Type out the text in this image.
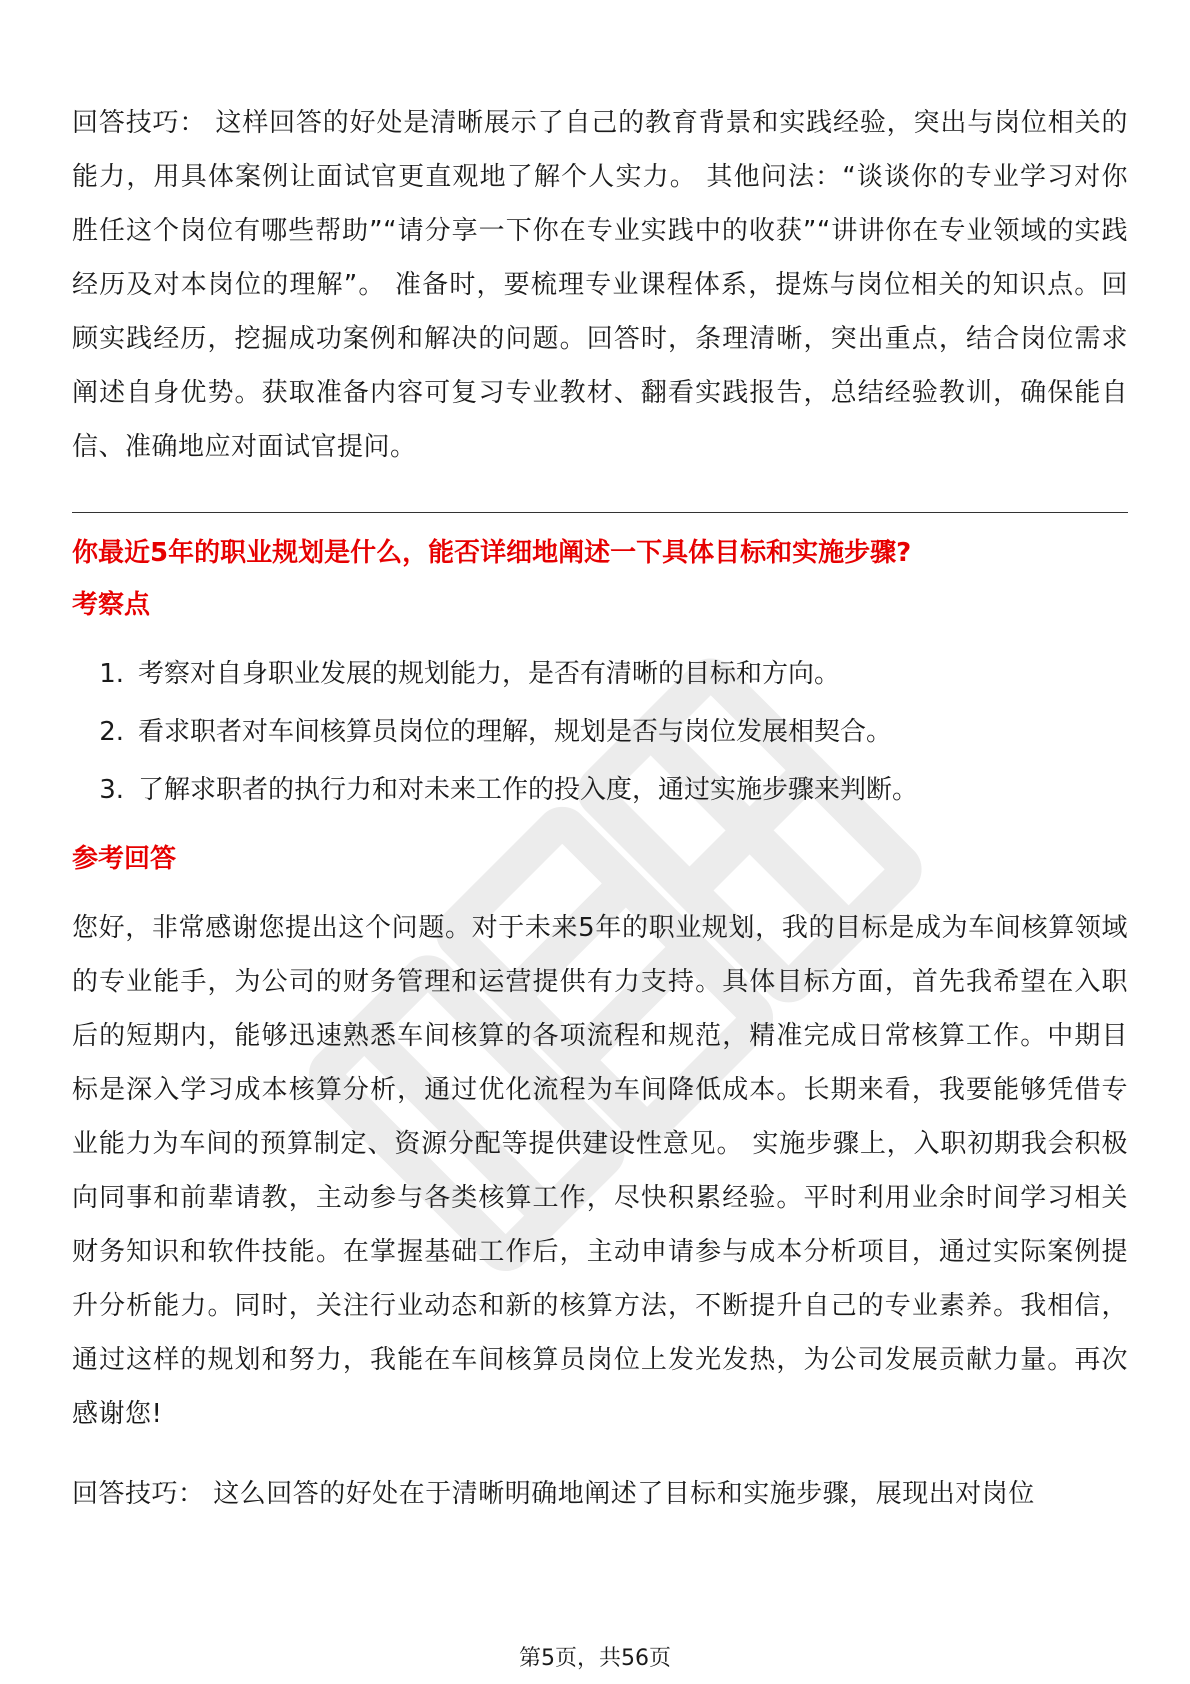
回答技巧： 这样回答的好处是清晰展示了自己的教育背景和实践经验，突出与岗位相关的能力，用具体案例让面试官更直观地了解个人实力。 其他问法：“谈谈你的专业学习对你胜任这个岗位有哪些帮助”“请分享一下你在专业实践中的收获”“讲讲你在专业领域的实践经历及对本岗位的理解”。 准备时，要梳理专业课程体系，提炼与岗位相关的知识点。回顾实践经历，挖掘成功案例和解决的问题。回答时，条理清晰，突出重点，结合岗位需求阐述自身优势。获取准备内容可复习专业教材、翻看实践报告，总结经验教训，确保能自信、准确地应对面试官提问。

你最近5年的职业规划是什么，能否详细地阐述一下具体目标和实施步骤?

考察点

1. 考察对自身职业发展的规划能力，是否有清晰的目标和方向。
2. 看求职者对车间核算员岗位的理解，规划是否与岗位发展相契合。
3. 了解求职者的执行力和对未来工作的投入度，通过实施步骤来判断。

参考回答

您好，非常感谢您提出这个问题。对于未来5年的职业规划，我的目标是成为车间核算领域的专业能手，为公司的财务管理和运营提供有力支持。具体目标方面，首先我希望在入职后的短期内，能够迅速熟悉车间核算的各项流程和规范，精准完成日常核算工作。中期目标是深入学习成本核算分析，通过优化流程为车间降低成本。长期来看，我要能够凭借专业能力为车间的预算制定、资源分配等提供建设性意见。 实施步骤上，入职初期我会积极向同事和前辈请教，主动参与各类核算工作，尽快积累经验。平时利用业余时间学习相关财务知识和软件技能。在掌握基础工作后，主动申请参与成本分析项目，通过实际案例提升分析能力。同时，关注行业动态和新的核算方法，不断提升自己的专业素养。我相信，通过这样的规划和努力，我能在车间核算员岗位上发光发热，为公司发展贡献力量。再次感谢您!

回答技巧： 这么回答的好处在于清晰明确地阐述了目标和实施步骤，展现出对岗位

第5页，共56页
